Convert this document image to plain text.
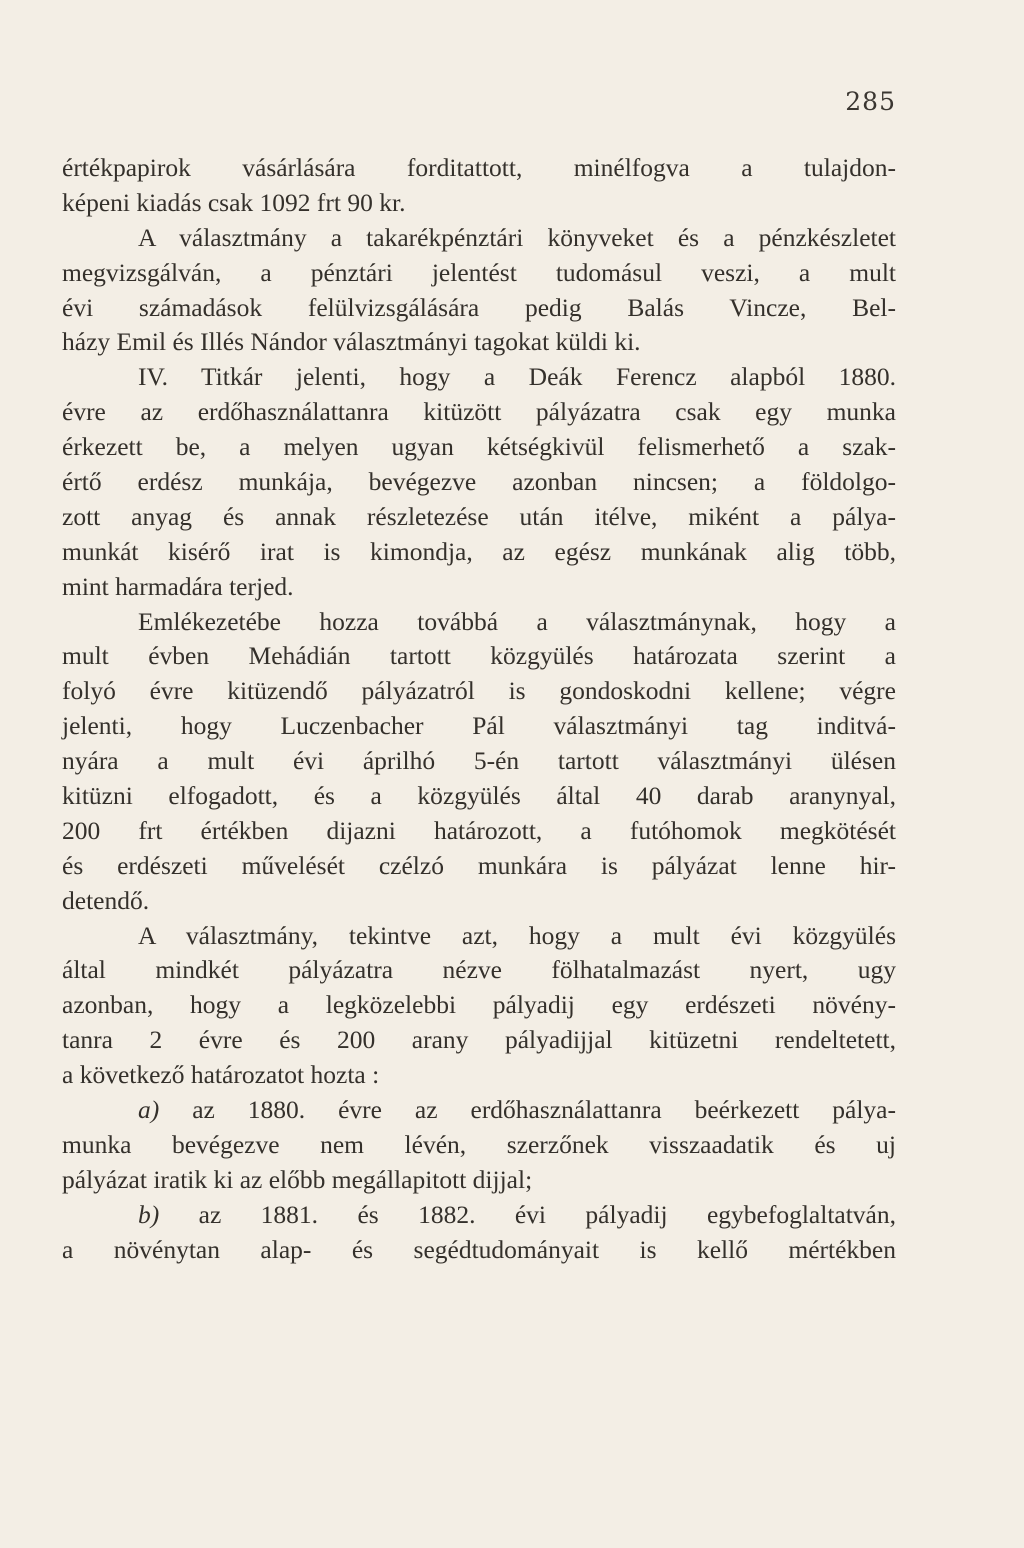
285
értékpapirok vásárlására forditattott, minélfogva a tulajdon-
képeni kiadás csak 1092 frt 90 kr.
A választmány a takarékpénztári könyveket és a pénzkészletet
megvizsgálván, a pénztári jelentést tudomásul veszi, a mult
évi számadások felülvizsgálására pedig Balás Vincze, Bel-
házy Emil és Illés Nándor választmányi tagokat küldi ki.
IV. Titkár jelenti, hogy a Deák Ferencz alapból 1880.
évre az erdőhasználattanra kitüzött pályázatra csak egy munka
érkezett be, a melyen ugyan kétségkivül felismerhető a szak-
értő erdész munkája, bevégezve azonban nincsen; a földolgo-
zott anyag és annak részletezése után itélve, miként a pálya-
munkát kisérő irat is kimondja, az egész munkának alig több,
mint harmadára terjed.
Emlékezetébe hozza továbbá a választmánynak, hogy a
mult évben Mehádián tartott közgyülés határozata szerint a
folyó évre kitüzendő pályázatról is gondoskodni kellene; végre
jelenti, hogy Luczenbacher Pál választmányi tag inditvá-
nyára a mult évi áprilhó 5-én tartott választmányi ülésen
kitüzni elfogadott, és a közgyülés által 40 darab aranynyal,
200 frt értékben dijazni határozott, a futóhomok megkötését
és erdészeti művelését czélzó munkára is pályázat lenne hir-
detendő.
A választmány, tekintve azt, hogy a mult évi közgyülés
által mindkét pályázatra nézve fölhatalmazást nyert, ugy
azonban, hogy a legközelebbi pályadij egy erdészeti növény-
tanra 2 évre és 200 arany pályadijjal kitüzetni rendeltetett,
a következő határozatot hozta :
a) az 1880. évre az erdőhasználattanra beérkezett pálya-
munka bevégezve nem lévén, szerzőnek visszaadatik és uj
pályázat iratik ki az előbb megállapitott dijjal;
b) az 1881. és 1882. évi pályadij egybefoglaltatván,
a növénytan alap- és segédtudományait is kellő mértékben
